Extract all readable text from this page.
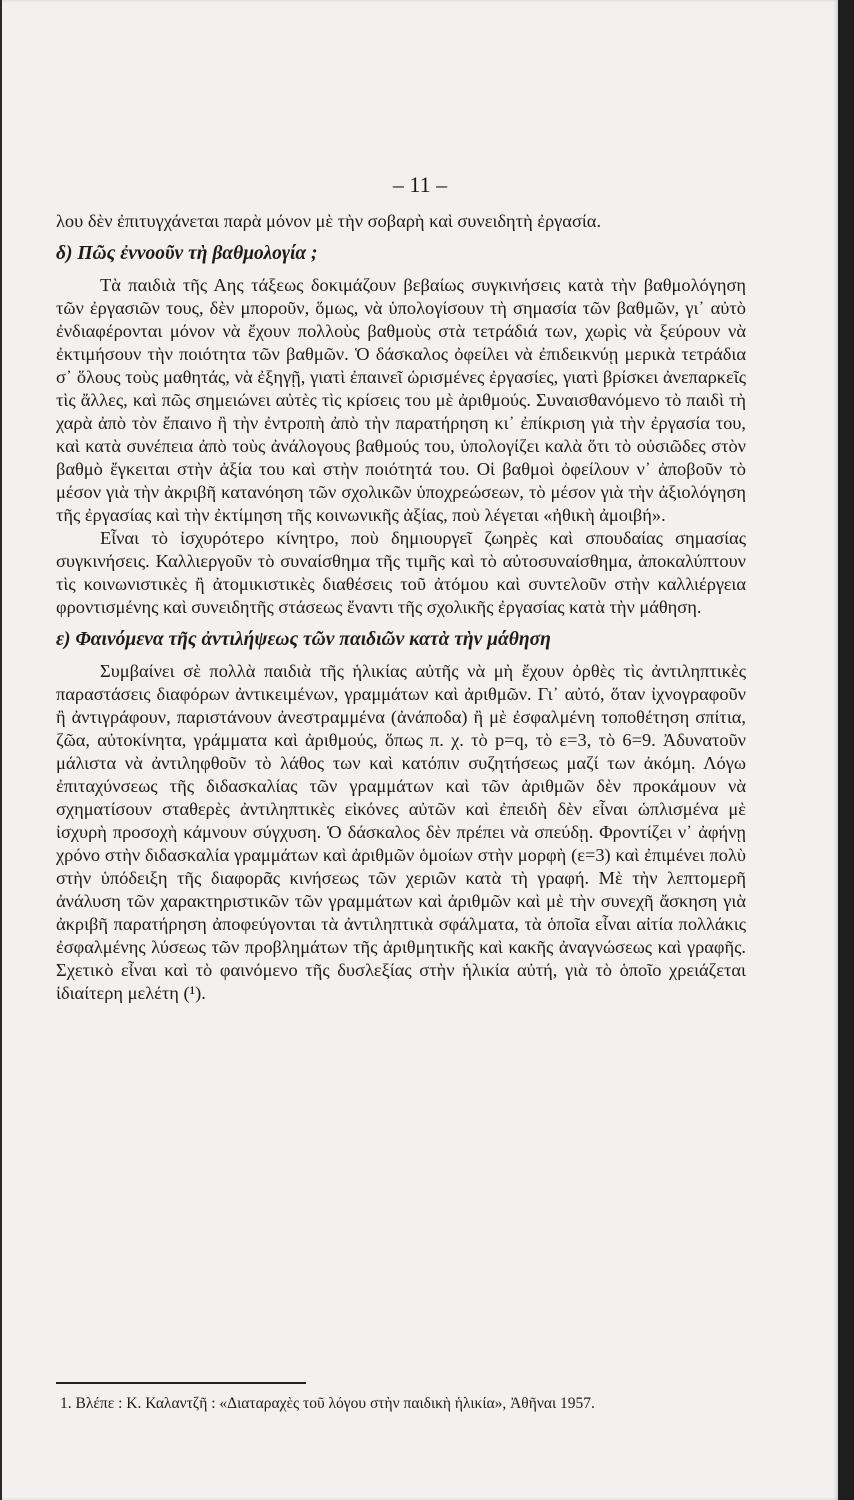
– 11 –

λου δὲν ἐπιτυγχάνεται παρὰ μόνον μὲ τὴν σοβαρὴ καὶ συνειδητὴ ἐργασία.

δ) Πῶς ἐννοοῦν τὴ βαθμολογία ;

Τὰ παιδιὰ τῆς Αης τάξεως δοκιμάζουν βεβαίως συγκινήσεις κατὰ τὴν βαθμολόγηση τῶν ἐργασιῶν τους, δὲν μποροῦν, ὅμως, νὰ ὑπολογίσουν τὴ σημασία τῶν βαθμῶν, γι᾽ αὐτὸ ἐνδιαφέρονται μόνον νὰ ἔχουν πολλοὺς βαθμοὺς στὰ τετράδιά των, χωρὶς νὰ ξεύρουν νὰ ἐκτιμήσουν τὴν ποιότητα τῶν βαθμῶν. Ὁ δάσκαλος ὀφείλει νὰ ἐπιδεικνύῃ μερικὰ τετράδια σ᾽ ὅλους τοὺς μαθητάς, νὰ ἐξηγῇ, γιατὶ ἐπαινεῖ ὡρισμένες ἐργασίες, γιατὶ βρίσκει ἀνεπαρκεῖς τὶς ἄλλες, καὶ πῶς σημειώνει αὐτὲς τὶς κρίσεις του μὲ ἀριθμούς. Συναισθανόμενο τὸ παιδὶ τὴ χαρὰ ἀπὸ τὸν ἔπαινο ἢ τὴν ἐντροπὴ ἀπὸ τὴν παρατήρηση κι᾽ ἐπίκριση γιὰ τὴν ἐργασία του, καὶ κατὰ συνέπεια ἀπὸ τοὺς ἀνάλογους βαθμούς του, ὑπολογίζει καλὰ ὅτι τὸ οὐσιῶδες στὸν βαθμὸ ἔγκειται στὴν ἀξία του καὶ στὴν ποιότητά του. Οἱ βαθμοὶ ὀφείλουν ν᾽ ἀποβοῦν τὸ μέσον γιὰ τὴν ἀκριβῆ κατανόηση τῶν σχολικῶν ὑποχρεώσεων, τὸ μέσον γιὰ τὴν ἀξιολόγηση τῆς ἐργασίας καὶ τὴν ἐκτίμηση τῆς κοινωνικῆς ἀξίας, ποὺ λέγεται «ἠθικὴ ἀμοιβή».

Εἶναι τὸ ἰσχυρότερο κίνητρο, ποὺ δημιουργεῖ ζωηρὲς καὶ σπουδαίας σημασίας συγκινήσεις. Καλλιεργοῦν τὸ συναίσθημα τῆς τιμῆς καὶ τὸ αὐτοσυναίσθημα, ἀποκαλύπτουν τὶς κοινωνιστικὲς ἢ ἀτομικιστικὲς διαθέσεις τοῦ ἀτόμου καὶ συντελοῦν στὴν καλλιέργεια φροντισμένης καὶ συνειδητῆς στάσεως ἔναντι τῆς σχολικῆς ἐργασίας κατὰ τὴν μάθηση.

ε) Φαινόμενα τῆς ἀντιλήψεως τῶν παιδιῶν κατὰ τὴν μάθηση

Συμβαίνει σὲ πολλὰ παιδιὰ τῆς ἡλικίας αὐτῆς νὰ μὴ ἔχουν ὀρθὲς τὶς ἀντιληπτικὲς παραστάσεις διαφόρων ἀντικειμένων, γραμμάτων καὶ ἀριθμῶν. Γι᾽ αὐτό, ὅταν ἰχνογραφοῦν ἢ ἀντιγράφουν, παριστάνουν ἀνεστραμμένα (ἀνάποδα) ἢ μὲ ἐσφαλμένη τοποθέτηση σπίτια, ζῶα, αὐτοκίνητα, γράμματα καὶ ἀριθμούς, ὅπως π. χ. τὸ p=q, τὸ ε=3, τὸ 6=9. Ἀδυνατοῦν μάλιστα νὰ ἀντιληφθοῦν τὸ λάθος των καὶ κατόπιν συζητήσεως μαζί των ἀκόμη. Λόγω ἐπιταχύνσεως τῆς διδασκαλίας τῶν γραμμάτων καὶ τῶν ἀριθμῶν δὲν προκάμουν νὰ σχηματίσουν σταθερὲς ἀντιληπτικὲς εἰκόνες αὐτῶν καὶ ἐπειδὴ δὲν εἶναι ὡπλισμένα μὲ ἰσχυρὴ προσοχὴ κάμνουν σύγχυση. Ὁ δάσκαλος δὲν πρέπει νὰ σπεύδῃ. Φροντίζει ν᾽ ἀφήνῃ χρόνο στὴν διδασκαλία γραμμάτων καὶ ἀριθμῶν ὁμοίων στὴν μορφὴ (ε=3) καὶ ἐπιμένει πολὺ στὴν ὑπόδειξη τῆς διαφορᾶς κινήσεως τῶν χεριῶν κατὰ τὴ γραφή. Μὲ τὴν λεπτομερῆ ἀνάλυση τῶν χαρακτηριστικῶν τῶν γραμμάτων καὶ ἀριθμῶν καὶ μὲ τὴν συνεχῆ ἄσκηση γιὰ ἀκριβῆ παρατήρηση ἀποφεύγονται τὰ ἀντιληπτικὰ σφάλματα, τὰ ὁποῖα εἶναι αἰτία πολλάκις ἐσφαλμένης λύσεως τῶν προβλημάτων τῆς ἀριθμητικῆς καὶ κακῆς ἀναγνώσεως καὶ γραφῆς. Σχετικὸ εἶναι καὶ τὸ φαινόμενο τῆς δυσλεξίας στὴν ἡλικία αὐτή, γιὰ τὸ ὁποῖο χρειάζεται ἰδιαίτερη μελέτη (¹).

1. Βλέπε : Κ. Καλαντζῆ : «Διαταραχὲς τοῦ λόγου στὴν παιδικὴ ἡλικία», Ἀθῆναι 1957.
